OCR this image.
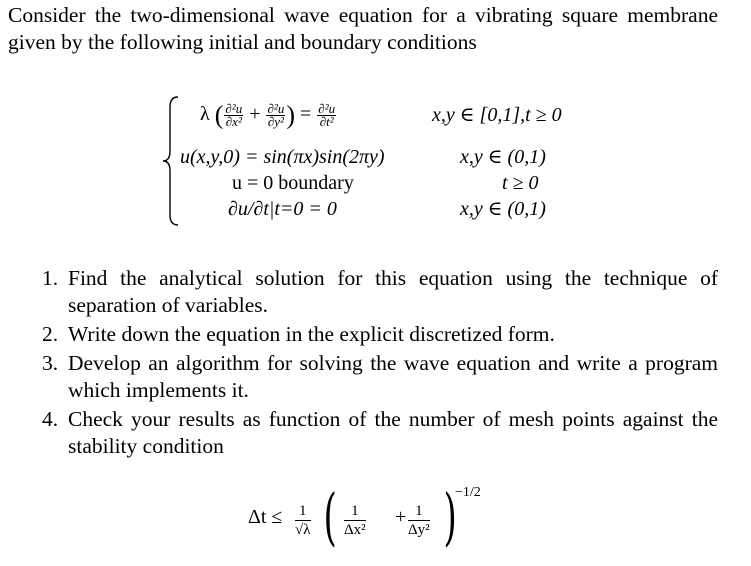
Consider the two-dimensional wave equation for a vibrating square membrane given by the following initial and boundary conditions
λ ( $\frac{\text{∂²u}}{\text{∂x²}} + \frac{\text{∂²u}}{\text{∂y²}}$ ) = $\frac{\text{∂²u}}{\text{∂t²}}$	x,y ∈ [0,1],t ≥ 0
u(x,y,0) = sin(πx)sin(2πy)	x,y ∈ (0,1)
u = 0 boundary	t ≥ 0
∂u/∂t|t=0 = 0	x,y ∈ (0,1)
1. Find the analytical solution for this equation using the technique of separation of variables.
2. Write down the equation in the explicit discretized form.
3. Develop an algorithm for solving the wave equation and write a program which implements it.
4. Check your results as function of the number of mesh points against the stability condition
$\Delta t \le \frac{1}{√\lambda}$ ( $\frac{1}{\text{Δx²}} + \frac{1}{\text{Δy²}}$ )
−1/2
